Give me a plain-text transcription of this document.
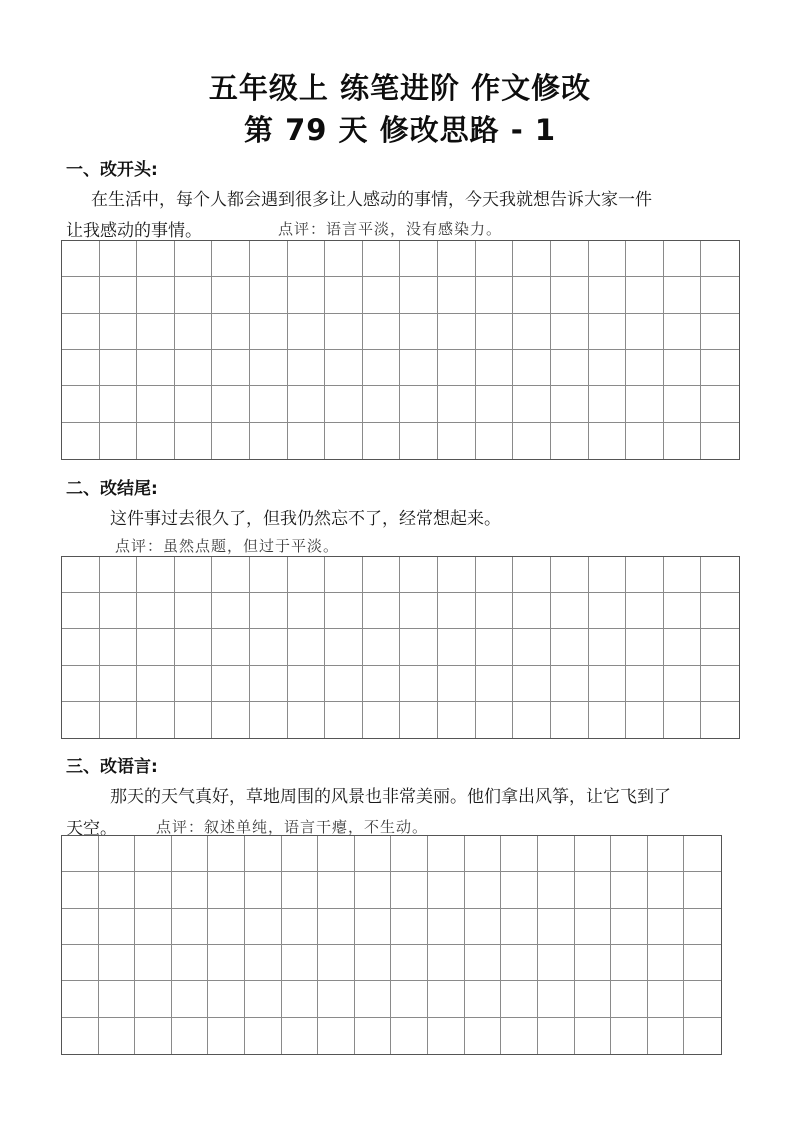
五年级上 练笔进阶 作文修改
第 79 天 修改思路 - 1
一、改开头:
在生活中，每个人都会遇到很多让人感动的事情，今天我就想告诉大家一件
让我感动的事情。	点评：语言平淡，没有感染力。
二、改结尾:
这件事过去很久了，但我仍然忘不了，经常想起来。
点评：虽然点题，但过于平淡。
三、改语言:
那天的天气真好，草地周围的风景也非常美丽。他们拿出风筝，让它飞到了
天空。	点评：叙述单纯，语言干瘪，不生动。
